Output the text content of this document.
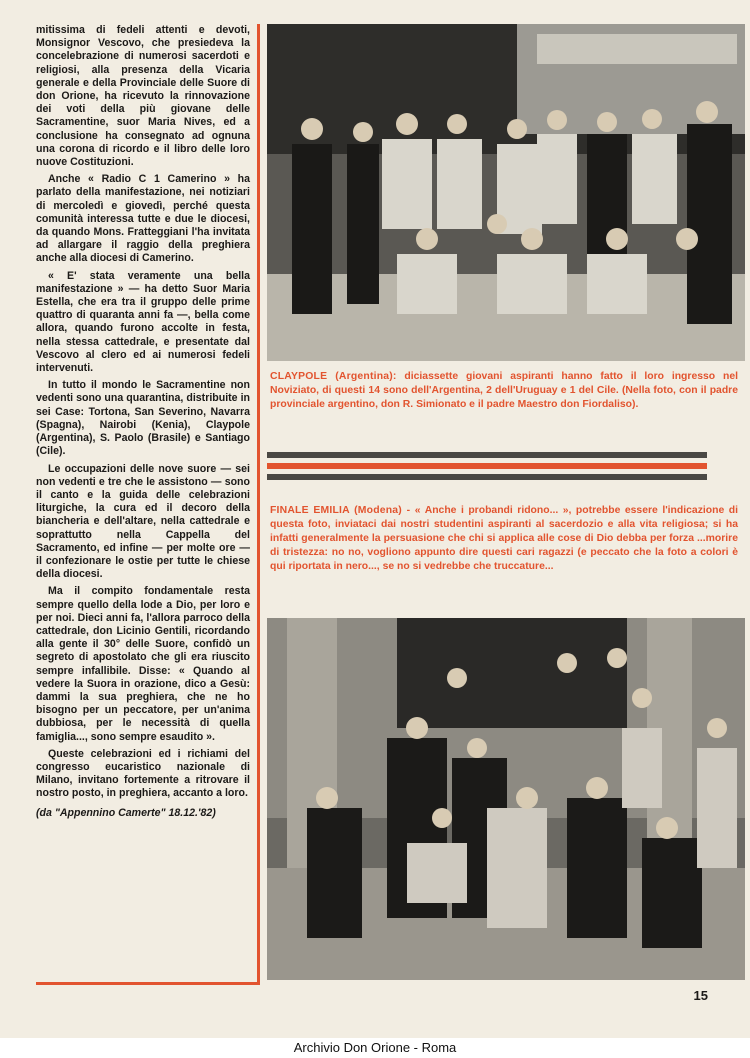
mitissima di fedeli attenti e devoti, Monsignor Vescovo, che presiedeva la concelebrazione di numerosi sacerdoti e religiosi, alla presenza della Vicaria generale e della Provinciale delle Suore di don Orione, ha ricevuto la rinnovazione dei voti della più giovane delle Sacramentine, suor Maria Nives, ed a conclusione ha consegnato ad ognuna una corona di ricordo e il libro delle loro nuove Costituzioni.

Anche « Radio C 1 Camerino » ha parlato della manifestazione, nei notiziari di mercoledì e giovedì, perché questa comunità interessa tutte e due le diocesi, da quando Mons. Fratteggiani l'ha invitata ad allargare il raggio della preghiera anche alla diocesi di Camerino.

« E' stata veramente una bella manifestazione » — ha detto Suor Maria Estella, che era tra il gruppo delle prime quattro di quaranta anni fa —, bella come allora, quando furono accolte in festa, nella stessa cattedrale, e presentate dal Vescovo al clero ed ai numerosi fedeli intervenuti.

In tutto il mondo le Sacramentine non vedenti sono una quarantina, distribuite in sei Case: Tortona, San Severino, Navarra (Spagna), Nairobi (Kenia), Claypole (Argentina), S. Paolo (Brasile) e Santiago (Cile).

Le occupazioni delle nove suore — sei non vedenti e tre che le assistono — sono il canto e la guida delle celebrazioni liturgiche, la cura ed il decoro della biancheria e dell'altare, nella cattedrale e soprattutto nella Cappella del Sacramento, ed infine — per molte ore — il confezionare le ostie per tutte le chiese della diocesi.

Ma il compito fondamentale resta sempre quello della lode a Dio, per loro e per noi. Dieci anni fa, l'allora parroco della cattedrale, don Licinio Gentili, ricordando alla gente il 30° delle Suore, confidò un segreto di apostolato che gli era riuscito sempre infallibile. Disse: « Quando al vedere la Suora in orazione, dico a Gesù: dammi la sua preghiera, che ne ho bisogno per un peccatore, per un'anima dubbiosa, per le necessità di quella famiglia..., sono sempre esaudito ».

Queste celebrazioni ed i richiami del congresso eucaristico nazionale di Milano, invitano fortemente a ritrovare il nostro posto, in preghiera, accanto a loro.

(da "Appennino Camerte" 18.12.'82)

CLAYPOLE (Argentina): diciassette giovani aspiranti hanno fatto il loro ingresso nel Noviziato, di questi 14 sono dell'Argentina, 2 dell'Uruguay e 1 del Cile. (Nella foto, con il padre provinciale argentino, don R. Simionato e il padre Maestro don Fiordaliso).
FINALE EMILIA (Modena) - « Anche i probandi ridono... », potrebbe essere l'indicazione di questa foto, inviataci dai nostri studentini aspiranti al sacerdozio e alla vita religiosa; si ha infatti generalmente la persuasione che chi si applica alle cose di Dio debba per forza ...morire di tristezza: no no, vogliono appunto dire questi cari ragazzi (e peccato che la foto a colori è qui riportata in nero..., se no si vedrebbe che truccature...
15
Archivio Don Orione - Roma
